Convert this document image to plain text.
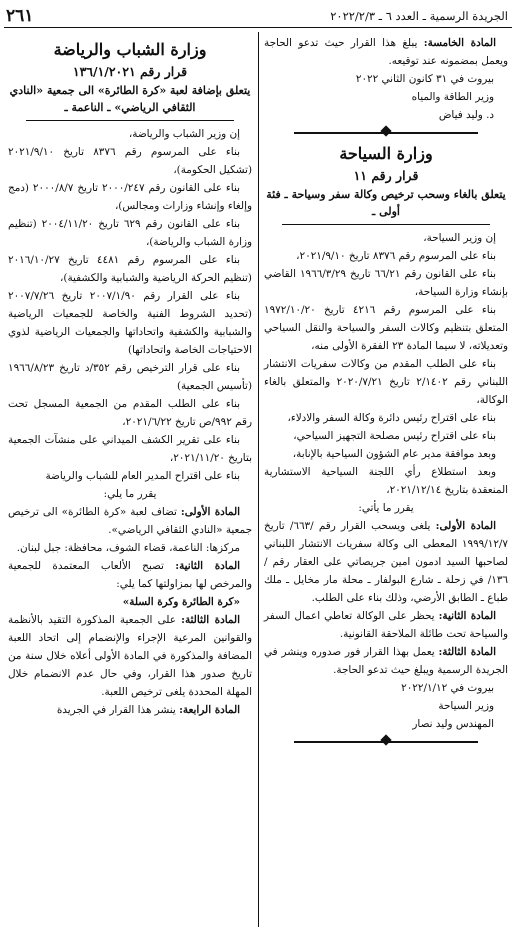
٢٦١	الجريدة الرسمية ـ العدد ٦ ـ ٢٠٢٢/٢/٣

المادة الخامسة: يبلغ هذا القرار حيث تدعو الحاجة ويعمل بمضمونه عند توقيعه.

بيروت في ٣١ كانون الثاني ٢٠٢٢

وزير الطاقة والمياه

د. وليد فياض

وزارة السياحة

قرار رقم ١١

يتعلق بالغاء وسحب ترخيص وكالة سفر وسياحة ـ فئة أولى ـ

إن وزير السياحة،

بناء على المرسوم رقم ٨٣٧٦ تاريخ ٢٠٢١/٩/١٠،

بناء على القانون رقم ٦٦/٢١ تاريخ ١٩٦٦/٣/٢٩ القاضي بإنشاء وزارة السياحة،

بناء على المرسوم رقم ٤٢١٦ تاريخ ١٩٧٢/١٠/٢٠ المتعلق بتنظيم وكالات السفر والسياحة والنقل السياحي وتعديلاته، لا سيما المادة ٢٣ الفقرة الأولى منه،

بناء على الطلب المقدم من وكالات سفريات الانتشار اللبناني رقم ٢/١٤٠٢ تاريخ ٢٠٢٠/٧/٢١ والمتعلق بالغاء الوكالة،

بناء على اقتراح رئيس دائرة وكالة السفر والادلاء،

بناء على اقتراح رئيس مصلحة التجهيز السياحي،

وبعد موافقة مدير عام الشؤون السياحية بالإنابة،

وبعد استطلاع رأي اللجنة السياحية الاستشارية المنعقدة بتاريخ ٢٠٢١/١٢/١٤،

يقرر ما يأتي:

المادة الأولى: يلغى ويسحب القرار رقم /٦٦٣/ تاريخ ١٩٩٩/١٢/٧ المعطى الى وكالة سفريات الانتشار اللبناني لصاحبها السيد ادمون امين جريصاتي على العقار رقم /١٣٦/ في زحلة ـ شارع البولفار ـ محلة مار مخايل ـ ملك طباع ـ الطابق الأرضي، وذلك بناء على الطلب.

المادة الثانية: يحظر على الوكالة تعاطي اعمال السفر والسياحة تحت طائلة الملاحقة القانونية.

المادة الثالثة: يعمل بهذا القرار فور صدوره وينشر في الجريدة الرسمية ويبلغ حيث تدعو الحاجة.

بيروت في ٢٠٢٢/١/١٢

وزير السياحة

المهندس وليد نصار

وزارة الشباب والرياضة

قرار رقم ١٣٦/١/٢٠٢١

يتعلق بإضافة لعبة «كرة الطائرة» الى جمعية «النادي الثقافي الرياضي» ـ الناعمة ـ

إن وزير الشباب والرياضة،

بناء على المرسوم رقم ٨٣٧٦ تاريخ ٢٠٢١/٩/١٠ (تشكيل الحكومة)،

بناء على القانون رقم ٢٠٠٠/٢٤٧ تاريخ ٢٠٠٠/٨/٧ (دمج وإلغاء وإنشاء وزارات ومجالس)،

بناء على القانون رقم ٦٢٩ تاريخ ٢٠٠٤/١١/٢٠ (تنظيم وزارة الشباب والرياضة)،

بناء على المرسوم رقم ٤٤٨١ تاريخ ٢٠١٦/١٠/٢٧ (تنظيم الحركة الرياضية والشبابية والكشفية)،

بناء على القرار رقم ٢٠٠٧/١/٩٠ تاريخ ٢٠٠٧/٧/٢٦ (تحديد الشروط الفنية والخاصة للجمعيات الرياضية والشبابية والكشفية واتحاداتها والجمعيات الرياضية لذوي الاحتياجات الخاصة واتحاداتها)

بناء على قرار الترخيص رقم ٣٥٢/د تاريخ ١٩٦٦/٨/٢٣ (تأسيس الجمعية)

بناء على الطلب المقدم من الجمعية المسجل تحت رقم ٩٩٢/ص تاريخ ٢٠٢١/٦/٢٢،

بناء على تقرير الكشف الميداني على منشآت الجمعية بتاريخ ٢٠٢١/١١/٢٠،

بناء على اقتراح المدير العام للشباب والرياضة

يقرر ما يلي:

المادة الأولى: تضاف لعبة «كرة الطائرة» الى ترخيص جمعية «النادي الثقافي الرياضي».

مركزها: الناعمة، قضاء الشوف، محافظة: جبل لبنان.

المادة الثانية: تصبح الألعاب المعتمدة للجمعية والمرخص لها بمزاولتها كما يلي:

«كرة الطائرة وكرة السلة»

المادة الثالثة: على الجمعية المذكورة التقيد بالأنظمة والقوانين المرعية الإجراء والإنضمام إلى اتحاد اللعبة المضافة والمذكورة في المادة الأولى أعلاه خلال سنة من تاريخ صدور هذا القرار، وفي حال عدم الانضمام خلال المهلة المحددة يلغى ترخيص اللعبة.

المادة الرابعة: ينشر هذا القرار في الجريدة
